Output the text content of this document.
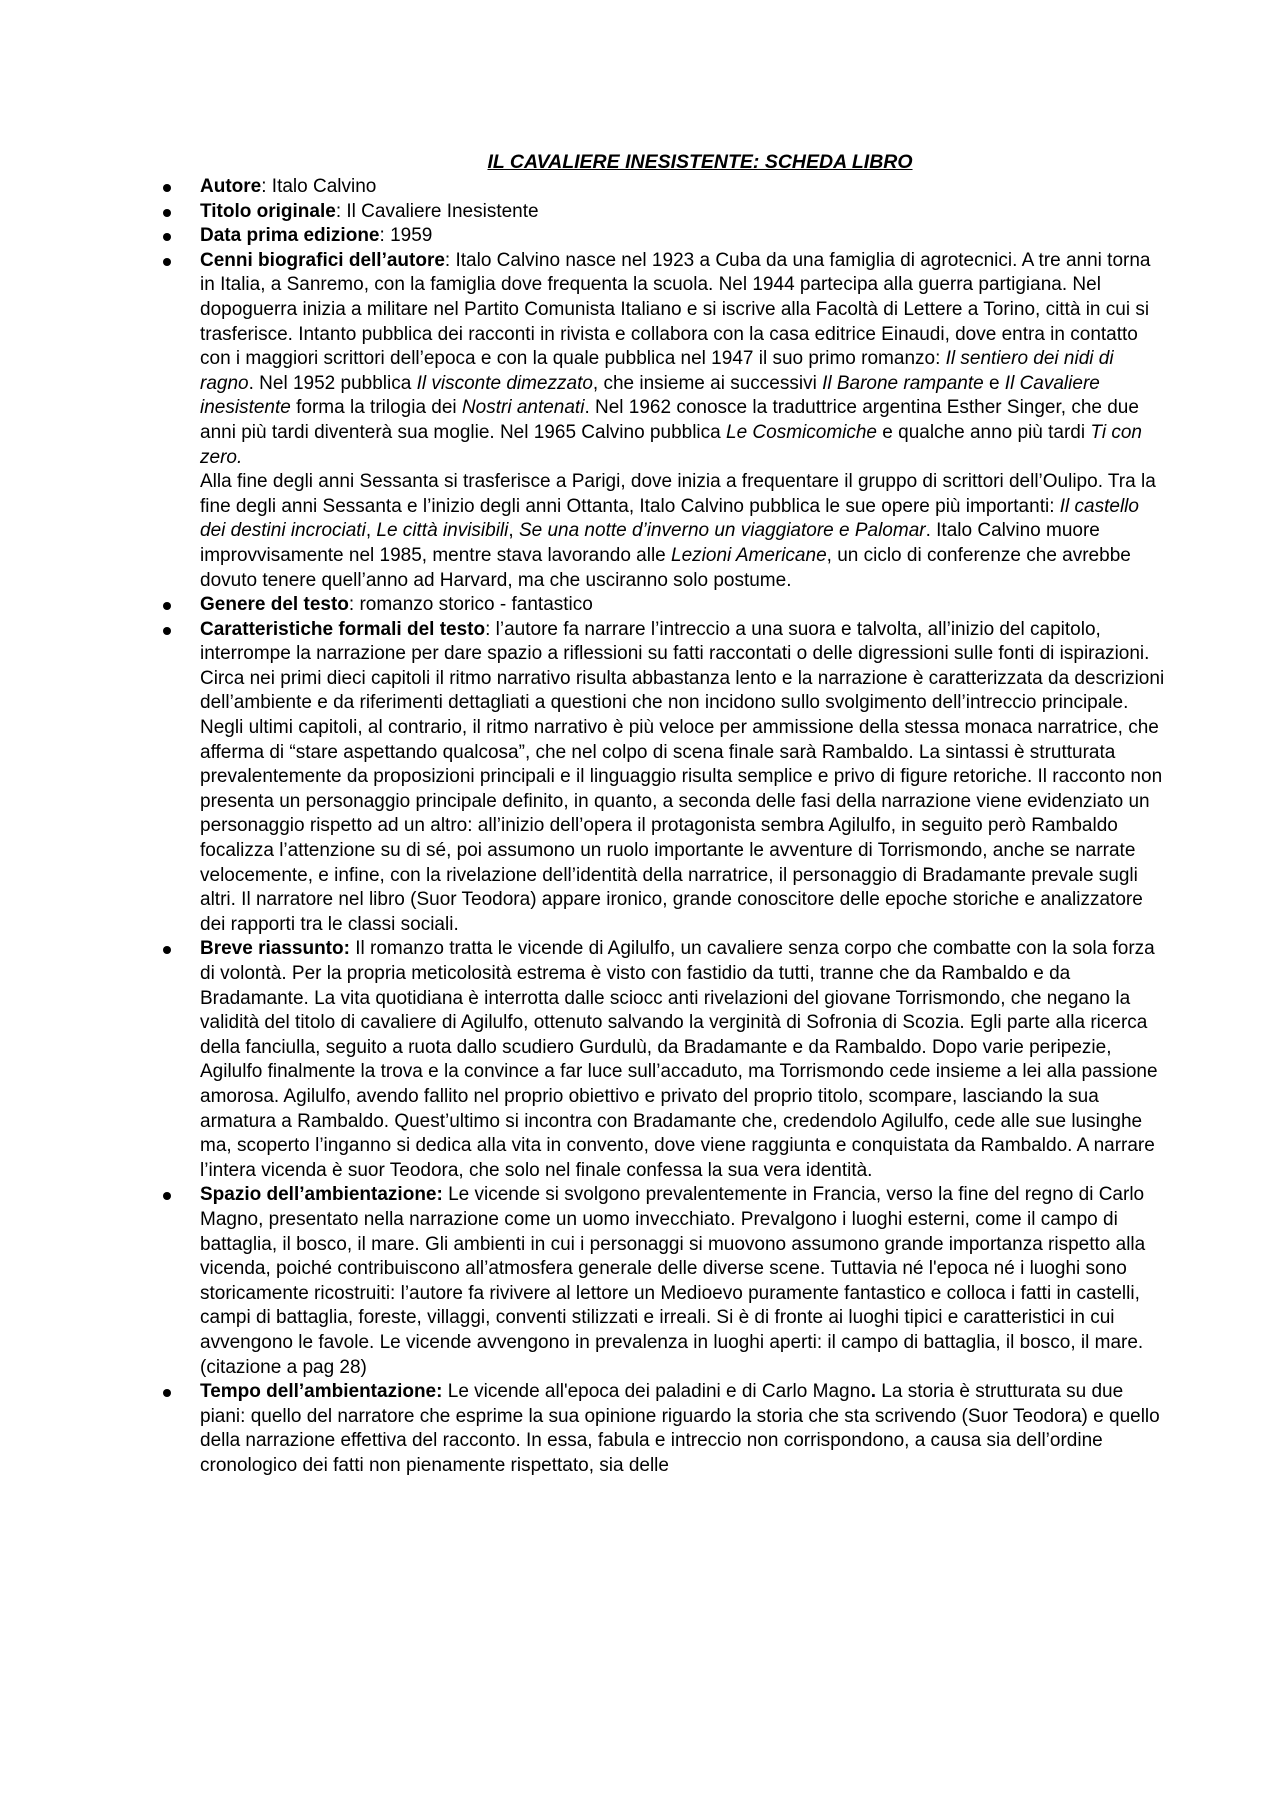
IL CAVALIERE INESISTENTE: SCHEDA LIBRO
Autore: Italo Calvino
Titolo originale: Il Cavaliere Inesistente
Data prima edizione: 1959
Cenni biografici dell’autore: Italo Calvino nasce nel 1923 a Cuba da una famiglia di agrotecnici. A tre anni torna in Italia, a Sanremo, con la famiglia dove frequenta la scuola. Nel 1944 partecipa alla guerra partigiana. Nel dopoguerra inizia a militare nel Partito Comunista Italiano e si iscrive alla Facoltà di Lettere a Torino, città in cui si trasferisce. Intanto pubblica dei racconti in rivista e collabora con la casa editrice Einaudi, dove entra in contatto con i maggiori scrittori dell’epoca e con la quale pubblica nel 1947 il suo primo romanzo: Il sentiero dei nidi di ragno. Nel 1952 pubblica Il visconte dimezzato, che insieme ai successivi Il Barone rampante e Il Cavaliere inesistente forma la trilogia dei Nostri antenati. Nel 1962 conosce la traduttrice argentina Esther Singer, che due anni più tardi diventerà sua moglie. Nel 1965 Calvino pubblica Le Cosmicomiche e qualche anno più tardi Ti con zero.
Alla fine degli anni Sessanta si trasferisce a Parigi, dove inizia a frequentare il gruppo di scrittori dell’Oulipo. Tra la fine degli anni Sessanta e l’inizio degli anni Ottanta, Italo Calvino pubblica le sue opere più importanti: Il castello dei destini incrociati, Le città invisibili, Se una notte d’inverno un viaggiatore e Palomar. Italo Calvino muore improvvisamente nel 1985, mentre stava lavorando alle Lezioni Americane, un ciclo di conferenze che avrebbe dovuto tenere quell’anno ad Harvard, ma che usciranno solo postume.
Genere del testo: romanzo storico - fantastico
Caratteristiche formali del testo: l’autore fa narrare l’intreccio a una suora e talvolta, all’inizio del capitolo, interrompe la narrazione per dare spazio a riflessioni su fatti raccontati o delle digressioni sulle fonti di ispirazioni. Circa nei primi dieci capitoli il ritmo narrativo risulta abbastanza lento e la narrazione è caratterizzata da descrizioni dell’ambiente e da riferimenti dettagliati a questioni che non incidono sullo svolgimento dell’intreccio principale. Negli ultimi capitoli, al contrario, il ritmo narrativo è più veloce per ammissione della stessa monaca narratrice, che afferma di “stare aspettando qualcosa”, che nel colpo di scena finale sarà Rambaldo. La sintassi è strutturata prevalentemente da proposizioni principali e il linguaggio risulta semplice e privo di figure retoriche. Il racconto non presenta un personaggio principale definito, in quanto, a seconda delle fasi della narrazione viene evidenziato un personaggio rispetto ad un altro: all’inizio dell’opera il protagonista sembra Agilulfo, in seguito però Rambaldo focalizza l’attenzione su di sé, poi assumono un ruolo importante le avventure di Torrismondo, anche se narrate velocemente, e infine, con la rivelazione dell’identità della narratrice, il personaggio di Bradamante prevale sugli altri. Il narratore nel libro (Suor Teodora) appare ironico, grande conoscitore delle epoche storiche e analizzatore dei rapporti tra le classi sociali.
Breve riassunto: Il romanzo tratta le vicende di Agilulfo, un cavaliere senza corpo che combatte con la sola forza di volontà. Per la propria meticolosità estrema è visto con fastidio da tutti, tranne che da Rambaldo e da Bradamante. La vita quotidiana è interrotta dalle sciocc anti rivelazioni del giovane Torrismondo, che negano la validità del titolo di cavaliere di Agilulfo, ottenuto salvando la verginità di Sofronia di Scozia. Egli parte alla ricerca della fanciulla, seguito a ruota dallo scudiero Gurdulù, da Bradamante e da Rambaldo. Dopo varie peripezie, Agilulfo finalmente la trova e la convince a far luce sull’accaduto, ma Torrismondo cede insieme a lei alla passione amorosa. Agilulfo, avendo fallito nel proprio obiettivo e privato del proprio titolo, scompare, lasciando la sua armatura a Rambaldo. Quest’ultimo si incontra con Bradamante che, credendolo Agilulfo, cede alle sue lusinghe ma, scoperto l’inganno si dedica alla vita in convento, dove viene raggiunta e conquistata da Rambaldo. A narrare l’intera vicenda è suor Teodora, che solo nel finale confessa la sua vera identità.
Spazio dell’ambientazione: Le vicende si svolgono prevalentemente in Francia, verso la fine del regno di Carlo Magno, presentato nella narrazione come un uomo invecchiato. Prevalgono i luoghi esterni, come il campo di battaglia, il bosco, il mare. Gli ambienti in cui i personaggi si muovono assumono grande importanza rispetto alla vicenda, poiché contribuiscono all’atmosfera generale delle diverse scene. Tuttavia né l'epoca né i luoghi sono storicamente ricostruiti: l’autore fa rivivere al lettore un Medioevo puramente fantastico e colloca i fatti in castelli, campi di battaglia, foreste, villaggi, conventi stilizzati e irreali. Si è di fronte ai luoghi tipici e caratteristici in cui avvengono le favole. Le vicende avvengono in prevalenza in luoghi aperti: il campo di battaglia, il bosco, il mare. (citazione a pag 28)
Tempo dell’ambientazione: Le vicende all'epoca dei paladini e di Carlo Magno. La storia è strutturata su due piani: quello del narratore che esprime la sua opinione riguardo la storia che sta scrivendo (Suor Teodora) e quello della narrazione effettiva del racconto. In essa, fabula e intreccio non corrispondono, a causa sia dell’ordine cronologico dei fatti non pienamente rispettato, sia delle
